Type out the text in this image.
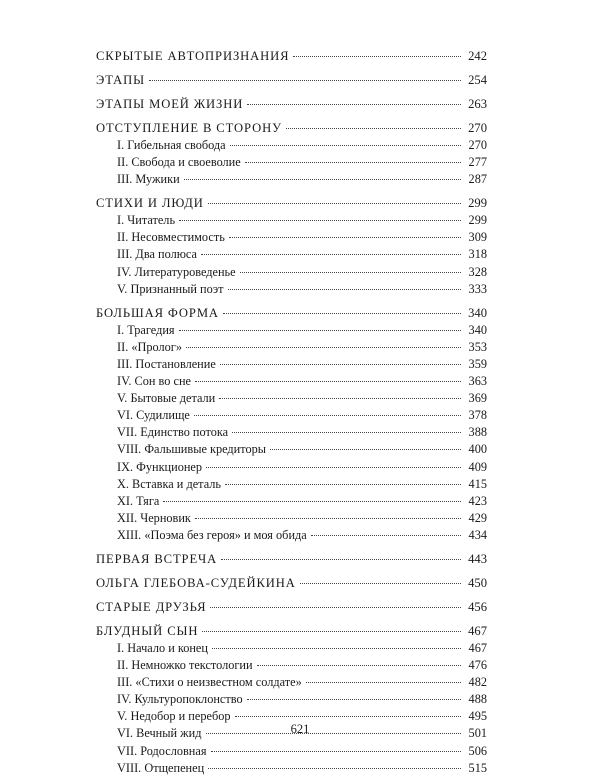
СКРЫТЫЕ АВТОПРИЗНАНИЯ	242
ЭТАПЫ	254
ЭТАПЫ МОЕЙ ЖИЗНИ	263
ОТСТУПЛЕНИЕ В СТОРОНУ	270
I. Гибельная свобода	270
II. Свобода и своеволие	277
III. Мужики	287
СТИХИ И ЛЮДИ	299
I. Читатель	299
II. Несовместимость	309
III. Два полюса	318
IV. Литературоведенье	328
V. Признанный поэт	333
БОЛЬШАЯ ФОРМА	340
I. Трагедия	340
II. «Пролог»	353
III. Постановление	359
IV. Сон во сне	363
V. Бытовые детали	369
VI. Судилище	378
VII. Единство потока	388
VIII. Фальшивые кредиторы	400
IX. Функционер	409
X. Вставка и деталь	415
XI. Тяга	423
XII. Черновик	429
XIII. «Поэма без героя» и моя обида	434
ПЕРВАЯ ВСТРЕЧА	443
ОЛЬГА ГЛЕБОВА-СУДЕЙКИНА	450
СТАРЫЕ ДРУЗЬЯ	456
БЛУДНЫЙ СЫН	467
I. Начало и конец	467
II. Немножко текстологии	476
III. «Стихи о неизвестном солдате»	482
IV. Культуропоклонство	488
V. Недобор и перебор	495
VI. Вечный жид	501
VII. Родословная	506
VIII. Отщепенец	515
621
